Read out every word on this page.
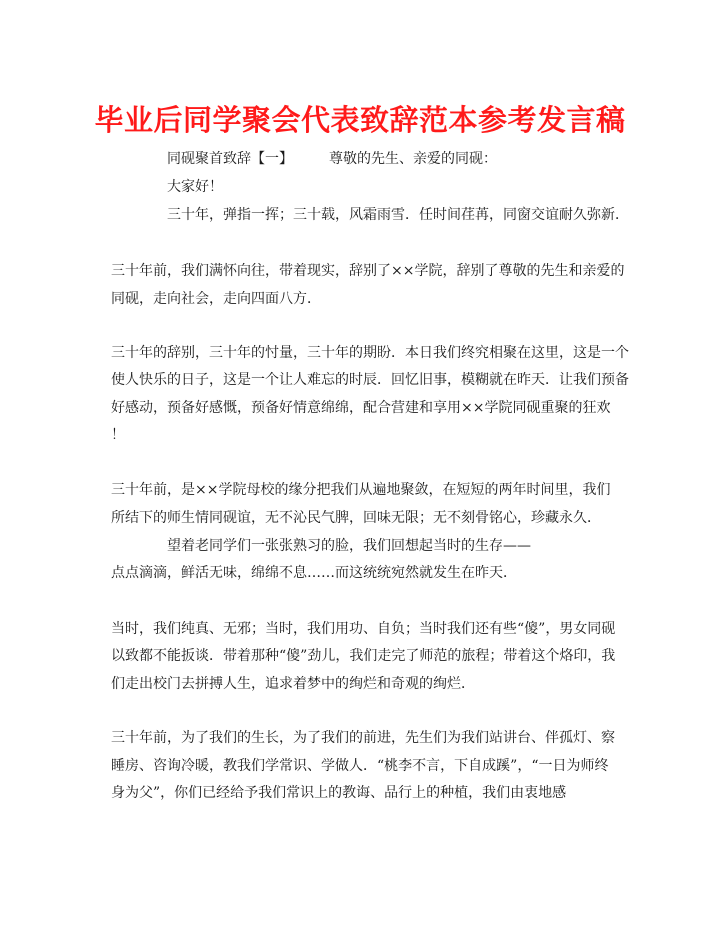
毕业后同学聚会代表致辞范本参考发言稿

同砚聚首致辞【一】	尊敬的先生、亲爱的同砚：

大家好！

三十年，弹指一挥；三十载，风霜雨雪．任时间荏苒，同窗交谊耐久弥新．

三十年前，我们满怀向往，带着现实，辞别了××学院，辞别了尊敬的先生和亲爱的

同砚，走向社会，走向四面八方．

三十年的辞别，三十年的忖量，三十年的期盼．本日我们终究相聚在这里，这是一个

使人快乐的日子，这是一个让人难忘的时辰．回忆旧事，模糊就在昨天．让我们预备

好感动，预备好感慨，预备好情意绵绵，配合营建和享用××学院同砚重聚的狂欢

！

三十年前，是××学院母校的缘分把我们从遍地聚敛，在短短的两年时间里，我们

所结下的师生情同砚谊，无不沁民气脾，回味无限；无不刻骨铭心，珍藏永久．

望着老同学们一张张熟习的脸，我们回想起当时的生存——

点点滴滴，鲜活无味，绵绵不息……而这统统宛然就发生在昨天．

当时，我们纯真、无邪；当时，我们用功、自负；当时我们还有些“傻”，男女同砚

以致都不能扳谈．带着那种“傻”劲儿，我们走完了师范的旅程；带着这个烙印，我

们走出校门去拼搏人生，追求着梦中的绚烂和奇观的绚烂．

三十年前，为了我们的生长，为了我们的前进，先生们为我们站讲台、伴孤灯、察

睡房、咨询冷暖，教我们学常识、学做人．“桃李不言，下自成蹊”，“一日为师终

身为父”，你们已经给予我们常识上的教诲、品行上的种植，我们由衷地感
